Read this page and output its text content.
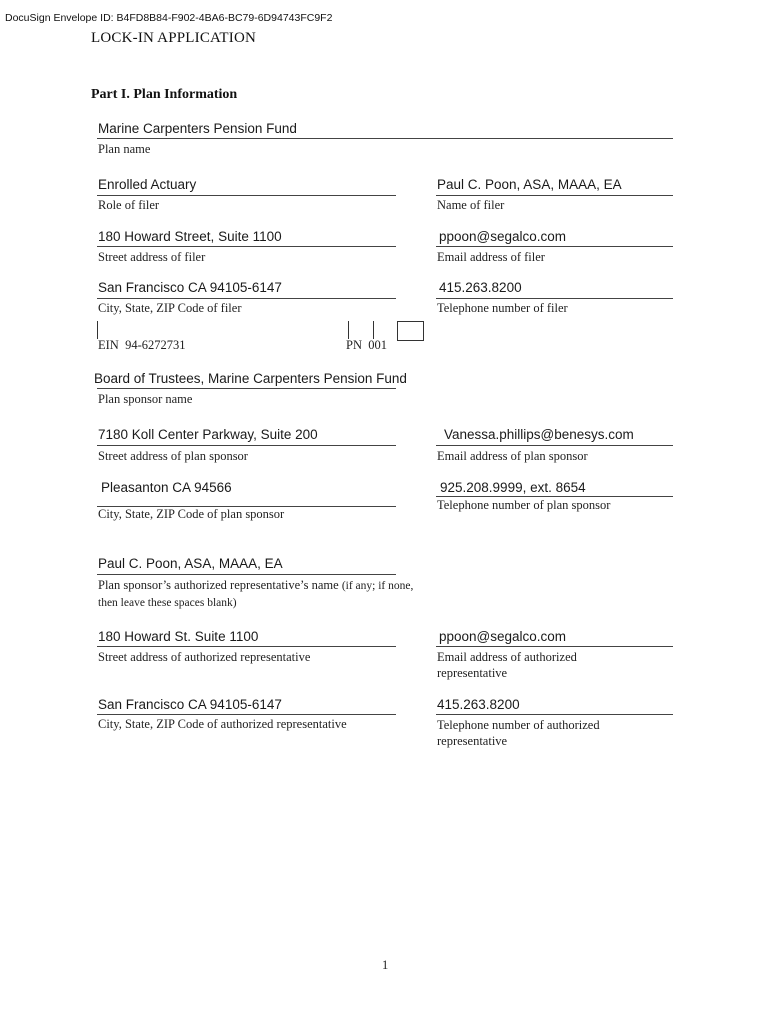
DocuSign Envelope ID: B4FD8B84-F902-4BA6-BC79-6D94743FC9F2
LOCK-IN APPLICATION
Part I. Plan Information
Marine Carpenters Pension Fund
Plan name
Enrolled Actuary
Role of filer
Paul C. Poon, ASA, MAAA, EA
Name of filer
180 Howard Street, Suite 1100
Street address of filer
ppoon@segalco.com
Email address of filer
San Francisco CA 94105-6147
City, State, ZIP Code of filer
415.263.8200
Telephone number of filer
EIN 94-6272731	PN 001
Board of Trustees, Marine Carpenters Pension Fund
Plan sponsor name
7180 Koll Center Parkway, Suite 200
Street address of plan sponsor
Vanessa.phillips@benesys.com
Email address of plan sponsor
Pleasanton CA 94566
City, State, ZIP Code of plan sponsor
925.208.9999, ext. 8654
Telephone number of plan sponsor
Paul C. Poon, ASA, MAAA, EA
Plan sponsor’s authorized representative’s name (if any; if none, then leave these spaces blank)
180 Howard St. Suite 1100
Street address of authorized representative
ppoon@segalco.com
Email address of authorized representative
San Francisco CA 94105-6147
City, State, ZIP Code of authorized representative
415.263.8200
Telephone number of authorized representative
1
